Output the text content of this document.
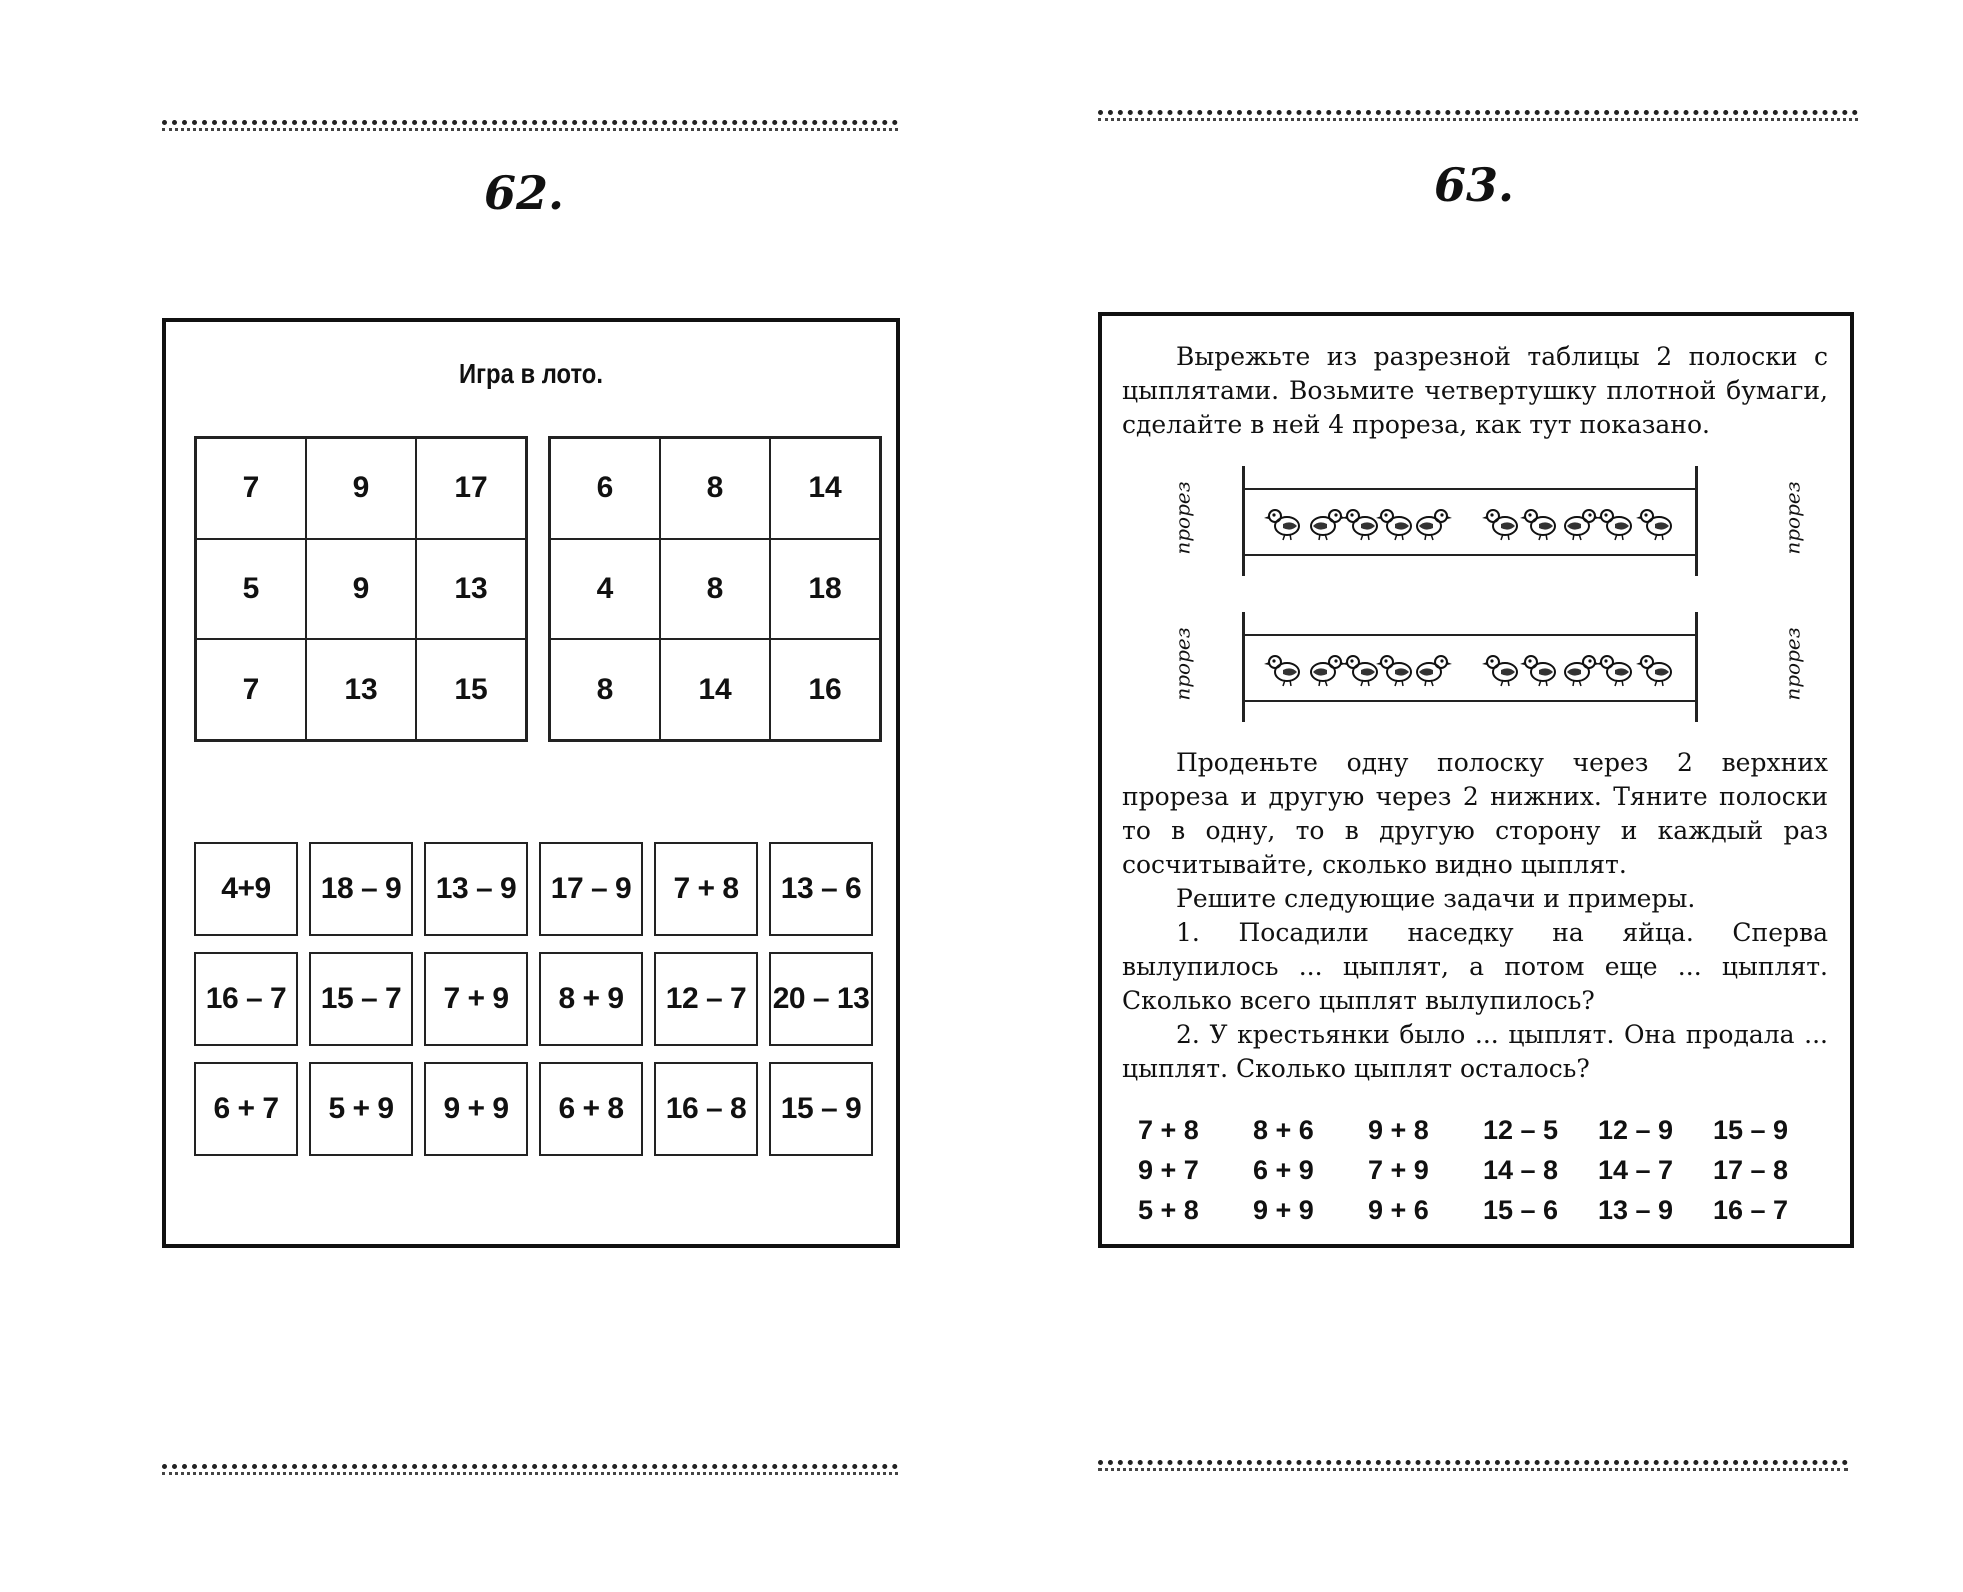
62.
Игра в лото.
7	9	17
5	9	13
7	13	15
6	8	14
4	8	18
8	14	16
4+9	18 – 9	13 – 9	17 – 9	7 + 8	13 – 6
16 – 7	15 – 7	7 + 9	8 + 9	12 – 7 20 – 13
6 + 7	5 + 9	9 + 9	6 + 8	16 – 8	15 – 9
63.

Вырежьте из разрезной таблицы 2 полоски с цыплятами. Возьмите четвертушку плотной бумаги, сделайте в ней 4 прореза, как тут показано.

прорез	прорез
прорез	прорез

Проденьте одну полоску через 2 верхних прореза и другую через 2 нижних. Тяните полоски то в одну, то в другую сторону и каждый раз сосчитывайте, сколько видно цыплят.

Решите следующие задачи и примеры.

1. Посадили наседку на яйца. Сперва вылупилось ... цыплят, а потом еще ... цыплят. Сколько всего цыплят вылупилось?

2. У крестьянки было ... цыплят. Она продала ... цыплят. Сколько цыплят осталось?

7 + 8	8 + 6	9 + 8	12 – 5	12 – 9	15 – 9
9 + 7	6 + 9	7 + 9	14 – 8	14 – 7	17 – 8
5 + 8	9 + 9	9 + 6	15 – 6	13 – 9	16 – 7
